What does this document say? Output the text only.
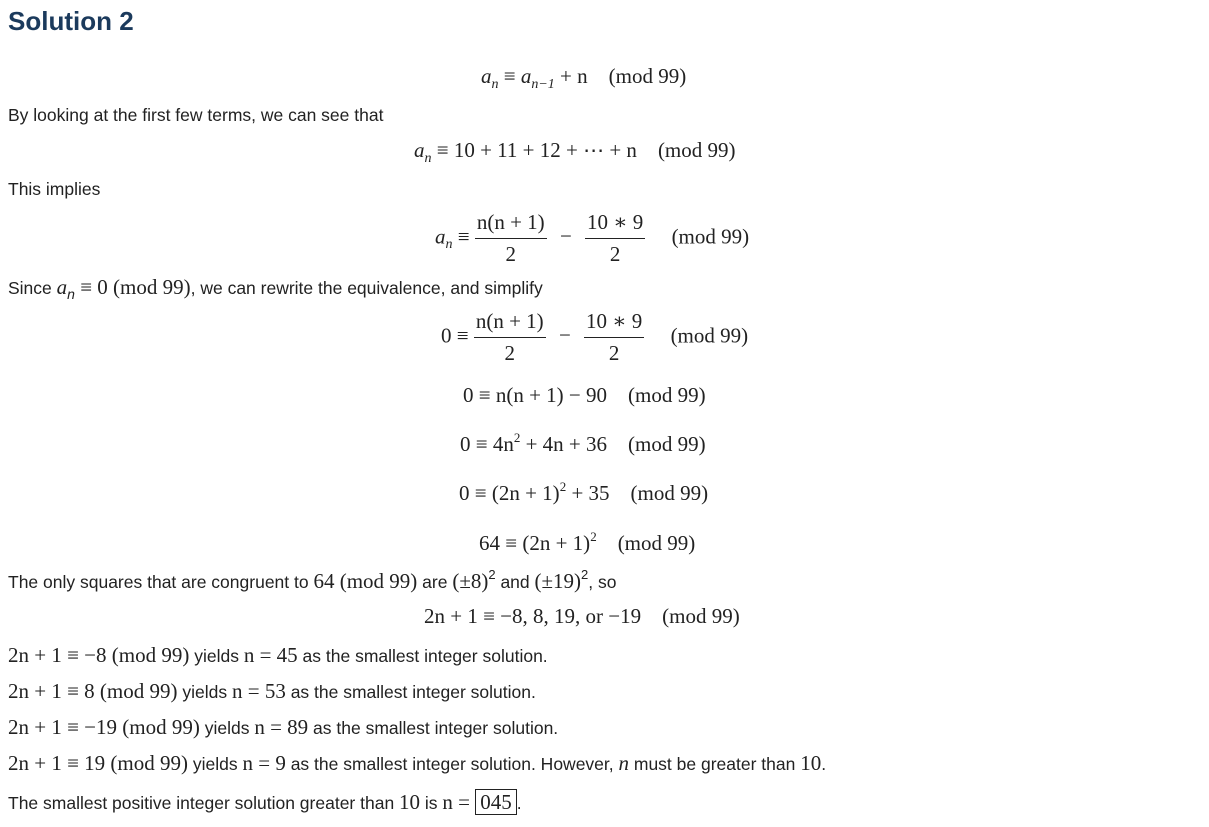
Solution 2
$a_n \equiv a_{n-1} + n$ (mod 99)
By looking at the first few terms, we can see that
$a_n \equiv 10 + 11 + 12$ + ⋯ + n (mod 99)
This implies
$a_n \equiv \frac{n(n + 1)}{2} - \frac{10 ∗ 9}{2} (mod$ 99)
Since $a_n \equiv 0$ (mod 99), we can rewrite the equivalence, and simplify
$0 \equiv \frac{n(n + 1)}{2} - \frac{10 ∗ 9}{2} (mod$ 99)
0 ≡ n(n + 1) − 90 (mod 99)
$0 \equiv 4n^2 + 4n + 36$ (mod 99)
$0 \equiv (2n + 1)^2 + 35$ (mod 99)
$64 \equiv (2n + 1)^2$ (mod 99)
The only squares that are congruent to 64 (mod 99) are $(\pm 8)^2$ and $(\pm 19)^2$, so
2n + 1 ≡ −8, 8, 19, or −19 (mod 99)
2n + 1 ≡ −8 (mod 99) yields n = 45 as the smallest integer solution.
2n + 1 ≡ 8 (mod 99) yields n = 53 as the smallest integer solution.
2n + 1 ≡ −19 (mod 99) yields n = 89 as the smallest integer solution.
2n + 1 ≡ 19 (mod 99) yields n = 9 as the smallest integer solution. However, n must be greater than 10.
The smallest positive integer solution greater than 10 is n = 045 .
